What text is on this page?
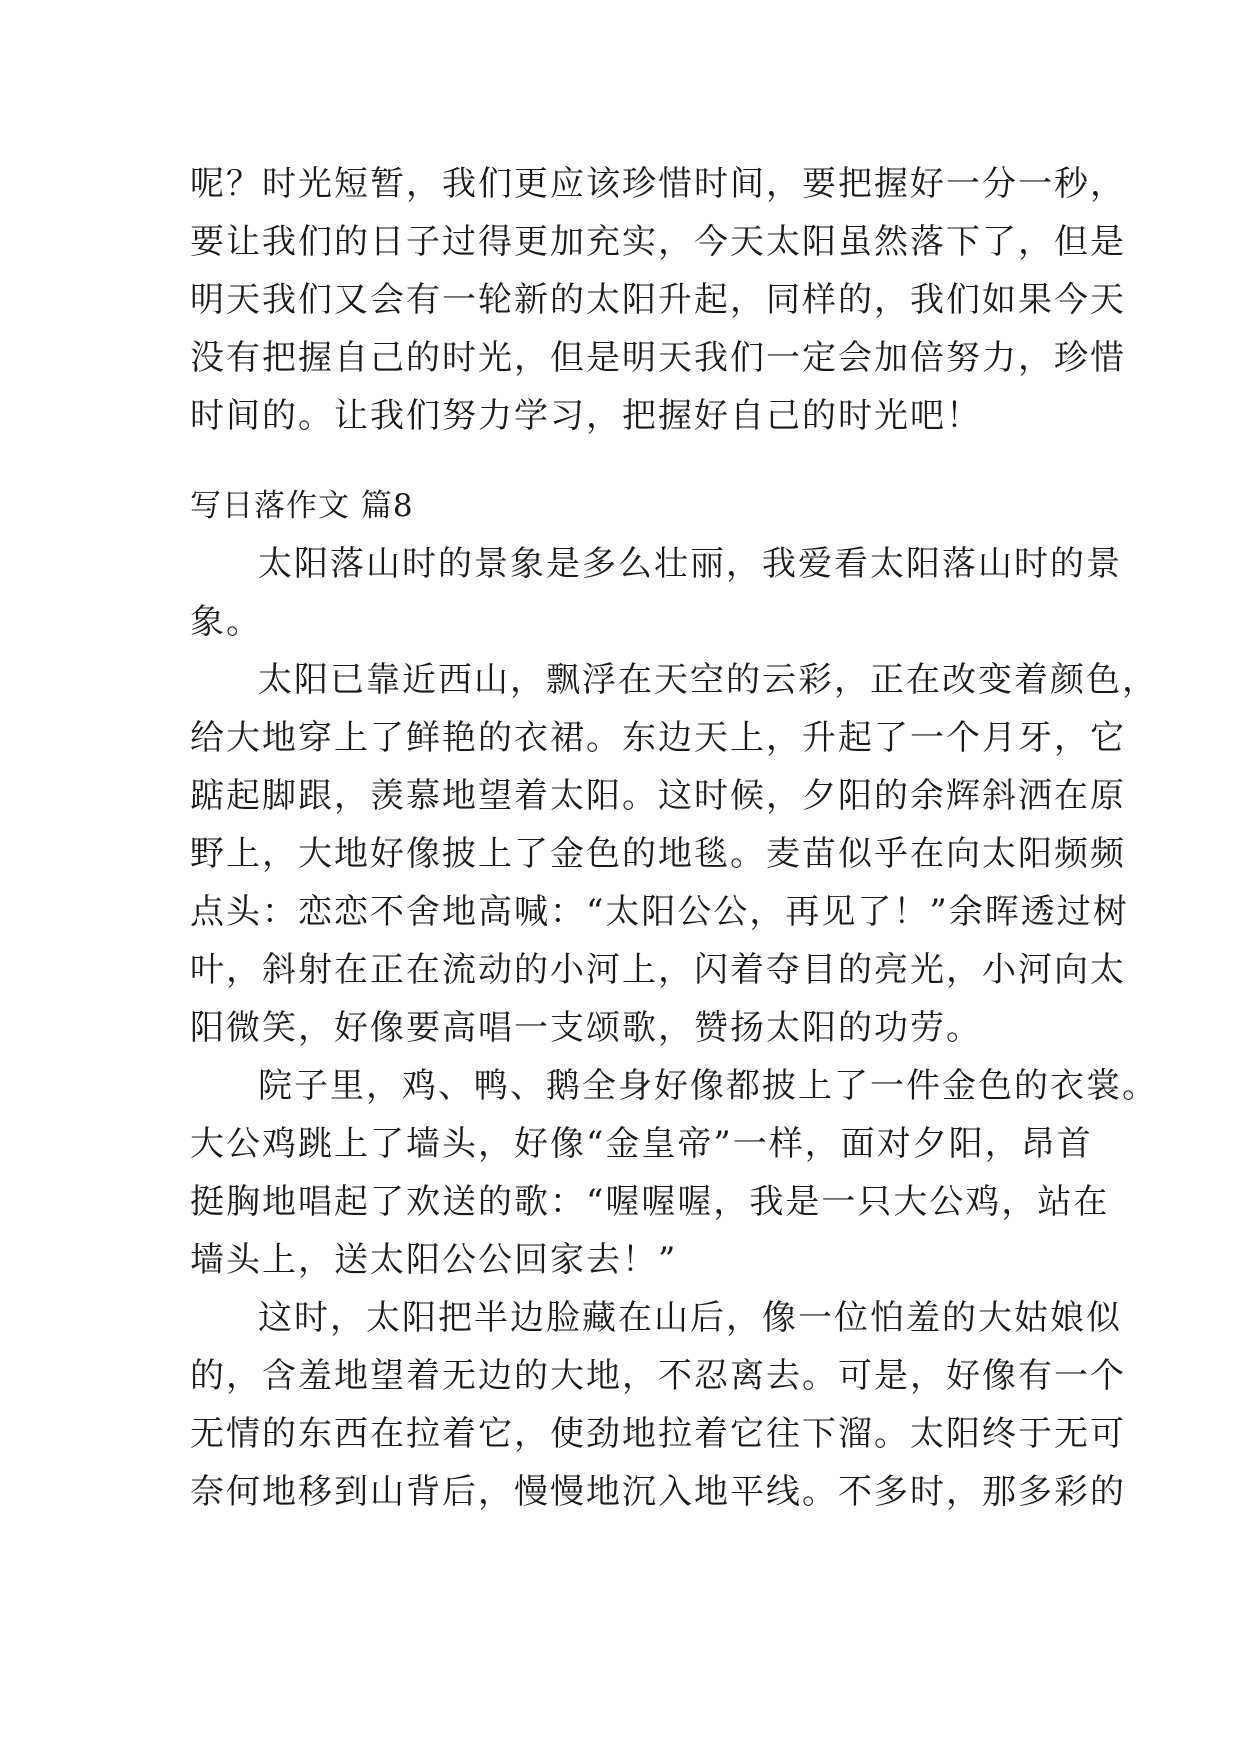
呢？时光短暂，我们更应该珍惜时间，要把握好一分一秒，
要让我们的日子过得更加充实，今天太阳虽然落下了，但是
明天我们又会有一轮新的太阳升起，同样的，我们如果今天
没有把握自己的时光，但是明天我们一定会加倍努力，珍惜
时间的。让我们努力学习，把握好自己的时光吧！
写日落作文 篇8
太阳落山时的景象是多么壮丽，我爱看太阳落山时的景
象。
太阳已靠近西山，飘浮在天空的云彩，正在改变着颜色，
给大地穿上了鲜艳的衣裙。东边天上，升起了一个月牙，它
踮起脚跟，羡慕地望着太阳。这时候，夕阳的余辉斜洒在原
野上，大地好像披上了金色的地毯。麦苗似乎在向太阳频频
点头：恋恋不舍地高喊：“太阳公公，再见了！”余晖透过树
叶，斜射在正在流动的小河上，闪着夺目的亮光，小河向太
阳微笑，好像要高唱一支颂歌，赞扬太阳的功劳。
院子里，鸡、鸭、鹅全身好像都披上了一件金色的衣裳。
大公鸡跳上了墙头，好像“金皇帝”一样，面对夕阳，昂首
挺胸地唱起了欢送的歌：“喔喔喔，我是一只大公鸡，站在
墙头上，送太阳公公回家去！”
这时，太阳把半边脸藏在山后，像一位怕羞的大姑娘似
的，含羞地望着无边的大地，不忍离去。可是，好像有一个
无情的东西在拉着它，使劲地拉着它往下溜。太阳终于无可
奈何地移到山背后，慢慢地沉入地平线。不多时，那多彩的
